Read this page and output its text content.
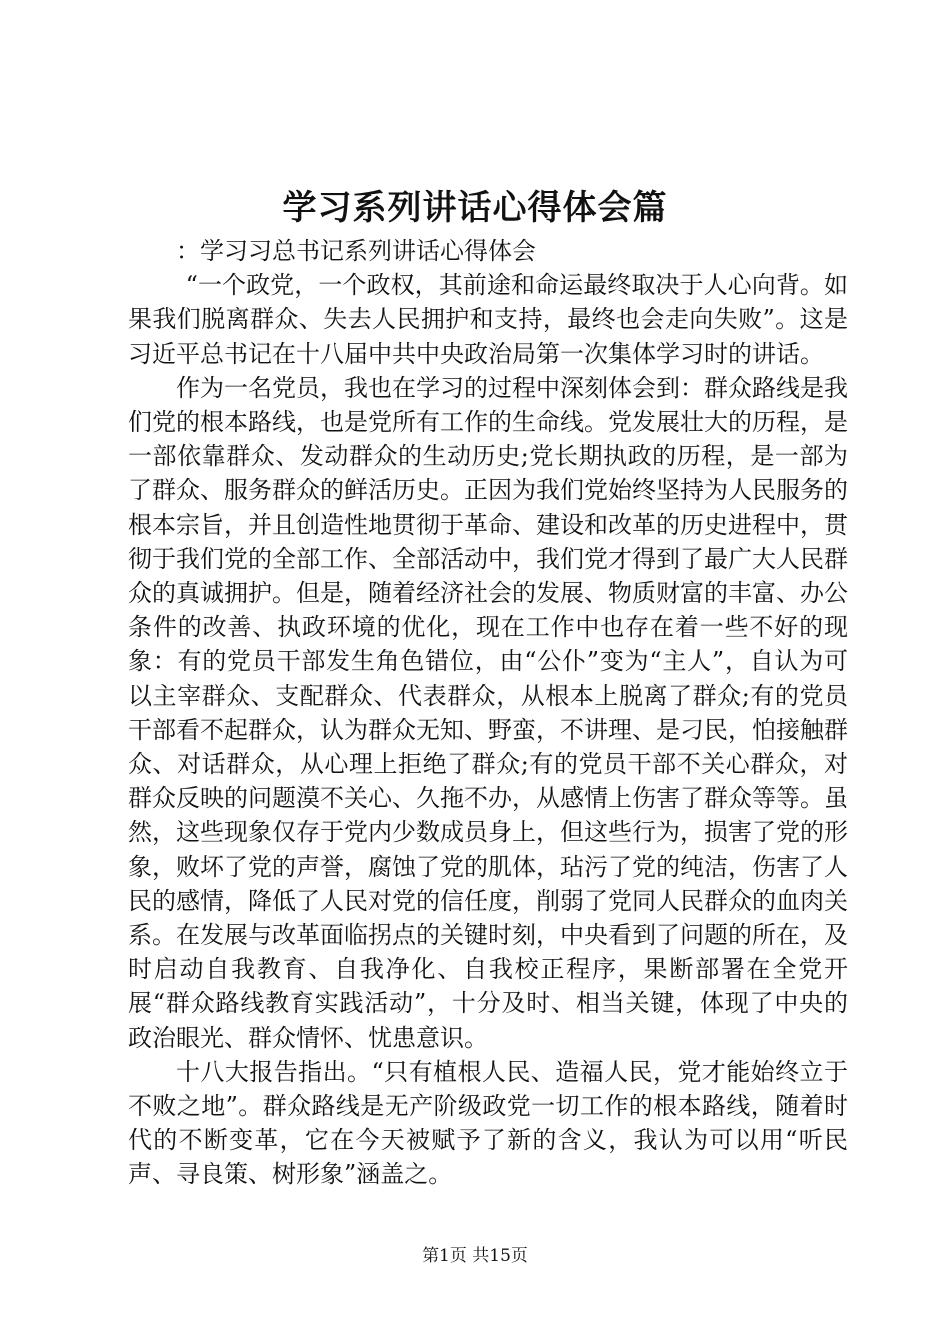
学习系列讲话心得体会篇

：学习习总书记系列讲话心得体会

“一个政党，一个政权，其前途和命运最终取决于人心向背。如果我们脱离群众、失去人民拥护和支持，最终也会走向失败”。这是习近平总书记在十八届中共中央政治局第一次集体学习时的讲话。

作为一名党员，我也在学习的过程中深刻体会到：群众路线是我们党的根本路线，也是党所有工作的生命线。党发展壮大的历程，是一部依靠群众、发动群众的生动历史;党长期执政的历程，是一部为了群众、服务群众的鲜活历史。正因为我们党始终坚持为人民服务的根本宗旨，并且创造性地贯彻于革命、建设和改革的历史进程中，贯彻于我们党的全部工作、全部活动中，我们党才得到了最广大人民群众的真诚拥护。但是，随着经济社会的发展、物质财富的丰富、办公条件的改善、执政环境的优化，现在工作中也存在着一些不好的现象：有的党员干部发生角色错位，由“公仆”变为“主人”，自认为可以主宰群众、支配群众、代表群众，从根本上脱离了群众;有的党员干部看不起群众，认为群众无知、野蛮，不讲理、是刁民，怕接触群众、对话群众，从心理上拒绝了群众;有的党员干部不关心群众，对群众反映的问题漠不关心、久拖不办，从感情上伤害了群众等等。虽然，这些现象仅存于党内少数成员身上，但这些行为，损害了党的形象，败坏了党的声誉，腐蚀了党的肌体，玷污了党的纯洁，伤害了人民的感情，降低了人民对党的信任度，削弱了党同人民群众的血肉关系。在发展与改革面临拐点的关键时刻，中央看到了问题的所在，及时启动自我教育、自我净化、自我校正程序，果断部署在全党开展“群众路线教育实践活动”，十分及时、相当关键，体现了中央的政治眼光、群众情怀、忧患意识。

十八大报告指出。“只有植根人民、造福人民，党才能始终立于不败之地”。群众路线是无产阶级政党一切工作的根本路线，随着时代的不断变革，它在今天被赋予了新的含义，我认为可以用“听民声、寻良策、树形象”涵盖之。

第1页 共15页
